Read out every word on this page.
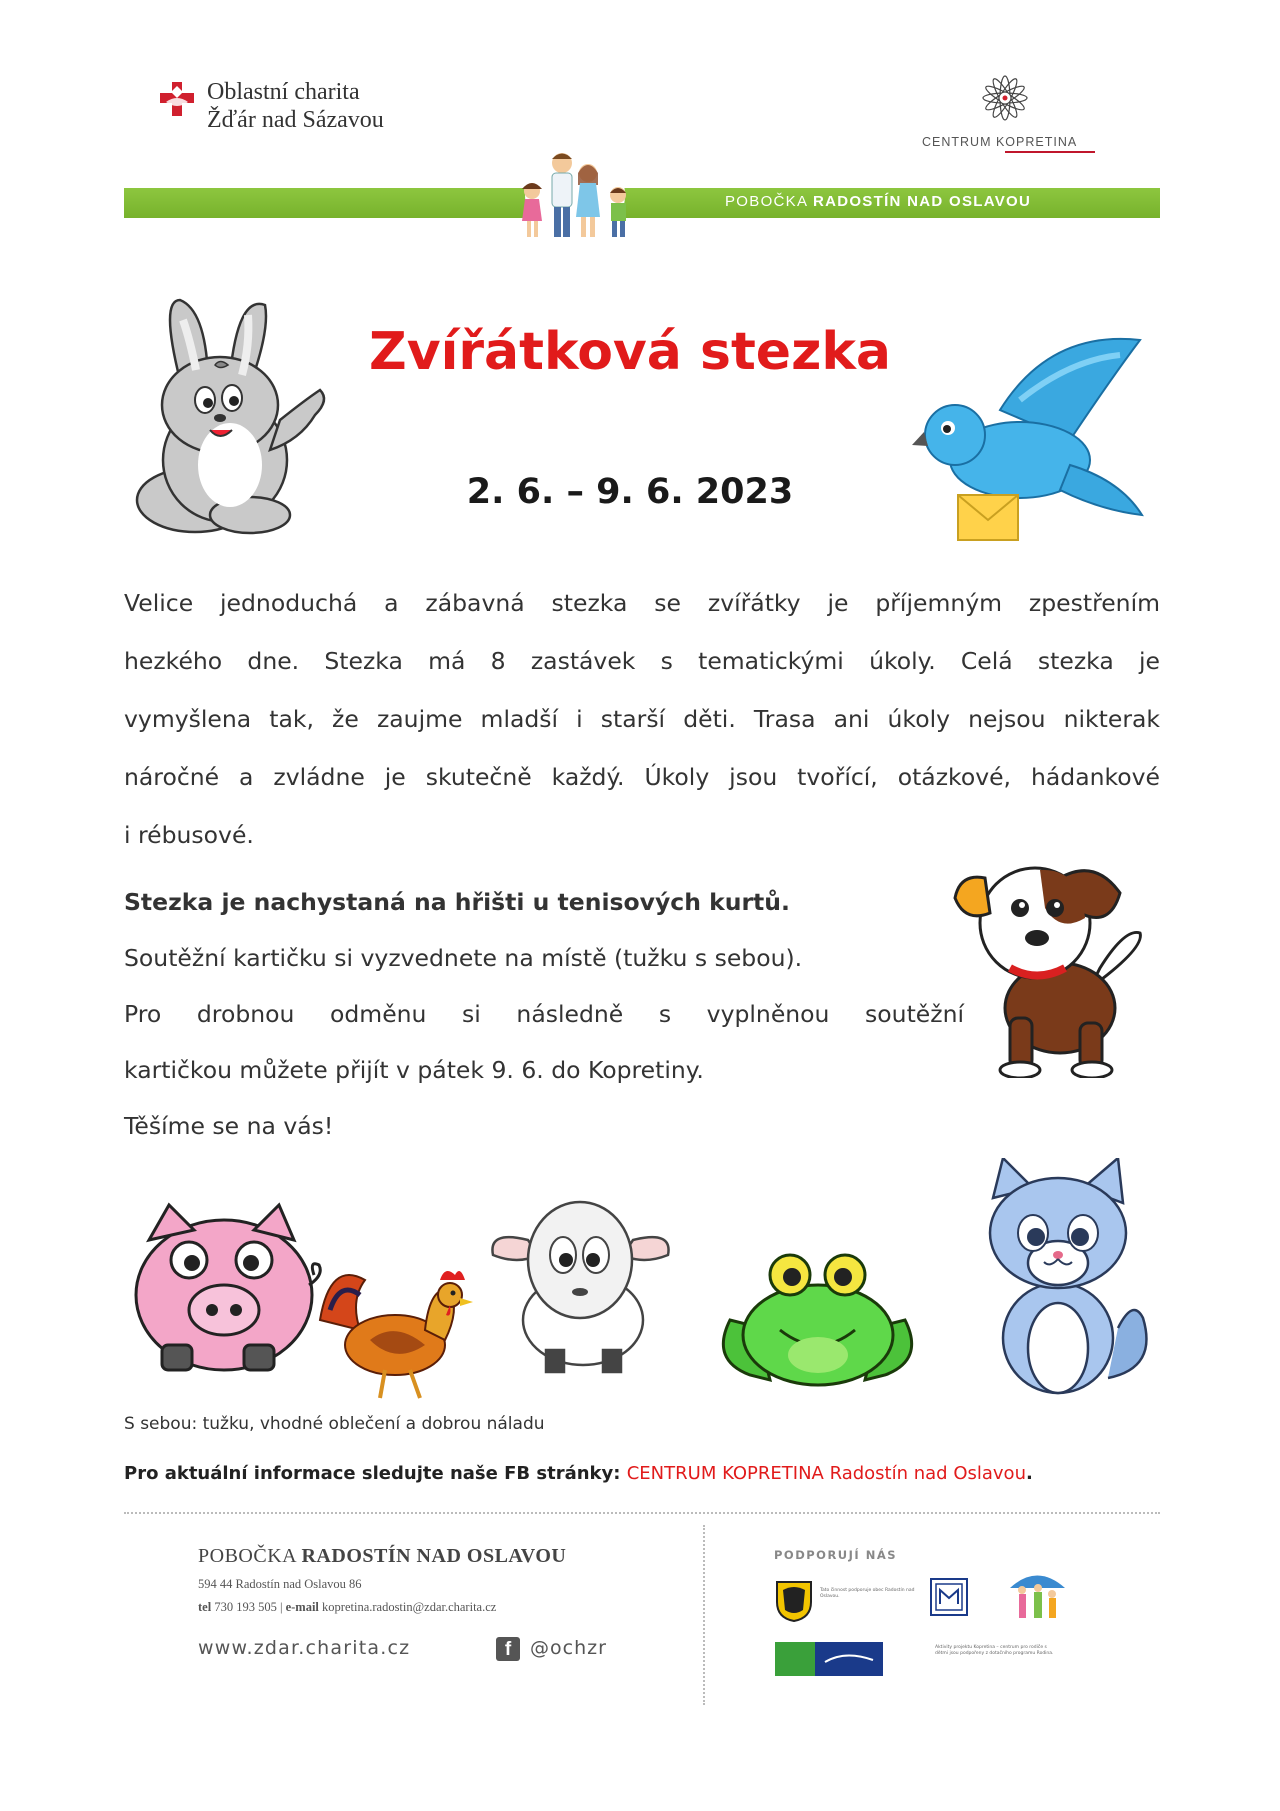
Oblastní charita
Žďár nad Sázavou
CENTRUM KOPRETINA
POBOČKA RADOSTÍN NAD OSLAVOU
Zvířátková stezka
2. 6. – 9. 6. 2023
Velice jednoduchá a zábavná stezka se zvířátky je příjemným zpestřením
hezkého dne. Stezka má 8 zastávek s tematickými úkoly. Celá stezka je
vymyšlena tak, že zaujme mladší i starší děti. Trasa ani úkoly nejsou nikterak
náročné a zvládne je skutečně každý. Úkoly jsou tvořící, otázkové, hádankové
i rébusové.
Stezka je nachystaná na hřišti u tenisových kurtů.
Soutěžní kartičku si vyzvednete na místě (tužku s sebou).
Pro drobnou odměnu si následně s vyplněnou soutěžní
kartičkou můžete přijít v pátek 9. 6. do Kopretiny.
Těšíme se na vás!
S sebou: tužku, vhodné oblečení a dobrou náladu
Pro aktuální informace sledujte naše FB stránky: CENTRUM KOPRETINA Radostín nad Oslavou.
POBOČKA RADOSTÍN NAD OSLAVOU
594 44 Radostín nad Oslavou 86
tel 730 193 505 | e-mail kopretina.radostin@zdar.charita.cz
www.zdar.charita.cz	f @ochzr
PODPORUJÍ NÁS
Tato činnost podporuje obec Radostín nad Oslavou.
Aktivity projektu Kopretina – centrum pro rodiče s dětmi jsou podpořeny z dotačního programu Rodina.
